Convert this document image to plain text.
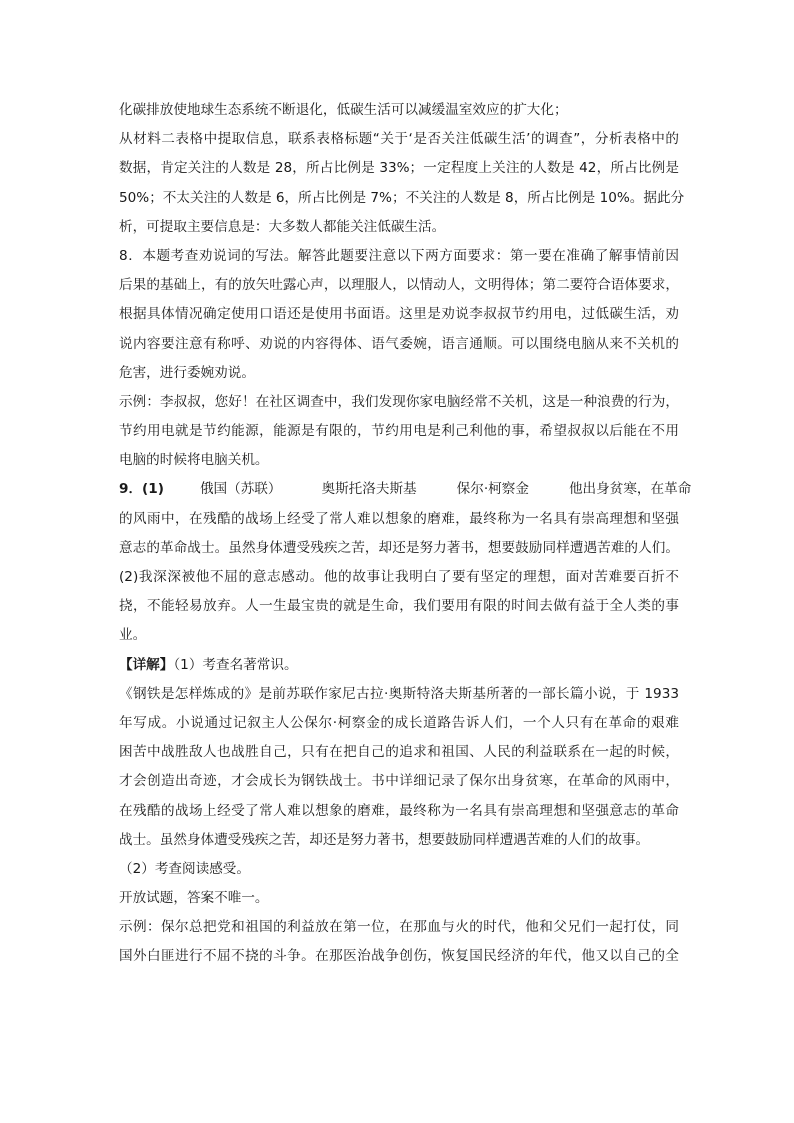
化碳排放使地球生态系统不断退化，低碳生活可以减缓温室效应的扩大化；
从材料二表格中提取信息，联系表格标题“关于‘是否关注低碳生活’的调查”，分析表格中的
数据，肯定关注的人数是 28，所占比例是 33%；一定程度上关注的人数是 42，所占比例是
50%；不太关注的人数是 6，所占比例是 7%；不关注的人数是 8，所占比例是 10%。据此分
析，可提取主要信息是：大多数人都能关注低碳生活。
8．本题考查劝说词的写法。解答此题要注意以下两方面要求：第一要在准确了解事情前因
后果的基础上，有的放矢吐露心声，以理服人，以情动人，文明得体；第二要符合语体要求，
根据具体情况确定使用口语还是使用书面语。这里是劝说李叔叔节约用电，过低碳生活，劝
说内容要注意有称呼、劝说的内容得体、语气委婉，语言通顺。可以围绕电脑从来不关机的
危害，进行委婉劝说。
示例：李叔叔，您好！在社区调查中，我们发现你家电脑经常不关机，这是一种浪费的行为，
节约用电就是节约能源，能源是有限的，节约用电是利己利他的事，希望叔叔以后能在不用
电脑的时候将电脑关机。
9．(1)	俄国（苏联）	奥斯托洛夫斯基	保尔·柯察金	他出身贫寒，在革命
的风雨中，在残酷的战场上经受了常人难以想象的磨难，最终称为一名具有崇高理想和坚强
意志的革命战士。虽然身体遭受残疾之苦，却还是努力著书，想要鼓励同样遭遇苦难的人们。
(2)我深深被他不屈的意志感动。他的故事让我明白了要有坚定的理想，面对苦难要百折不
挠，不能轻易放弃。人一生最宝贵的就是生命，我们要用有限的时间去做有益于全人类的事
业。
【详解】（1）考查名著常识。
《钢铁是怎样炼成的》是前苏联作家尼古拉·奥斯特洛夫斯基所著的一部长篇小说，于 1933
年写成。小说通过记叙主人公保尔·柯察金的成长道路告诉人们，一个人只有在革命的艰难
困苦中战胜敌人也战胜自己，只有在把自己的追求和祖国、人民的利益联系在一起的时候，
才会创造出奇迹，才会成长为钢铁战士。书中详细记录了保尔出身贫寒，在革命的风雨中，
在残酷的战场上经受了常人难以想象的磨难，最终称为一名具有崇高理想和坚强意志的革命
战士。虽然身体遭受残疾之苦，却还是努力著书，想要鼓励同样遭遇苦难的人们的故事。
（2）考查阅读感受。
开放试题，答案不唯一。
示例：保尔总把党和祖国的利益放在第一位，在那血与火的时代，他和父兄们一起打仗，同
国外白匪进行不屈不挠的斗争。在那医治战争创伤，恢复国民经济的年代，他又以自己的全
